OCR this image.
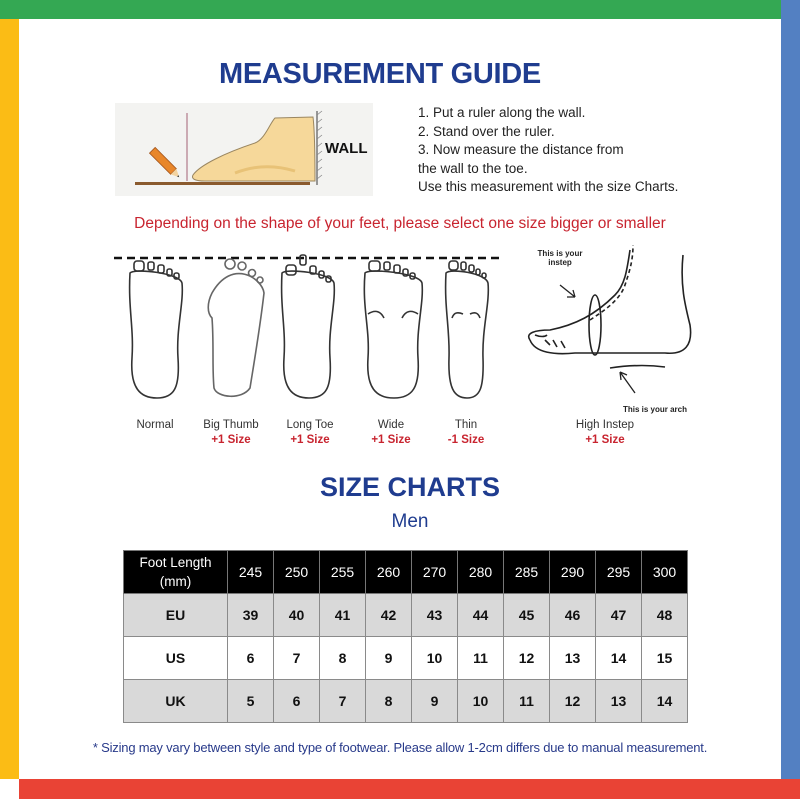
MEASUREMENT GUIDE
WALL
1. Put a ruler along the wall.
2. Stand over the ruler.
3. Now measure the distance from
the wall to the toe.
Use this measurement with the size Charts.
Depending on the shape of your feet, please select one size bigger or smaller
Normal	Big Thumb
+1 Size
Long Toe
+1 Size
Wide
+1 Size
Thin
-1 Size
This is your
instep
This is your arch
High Instep
+1 Size
SIZE CHARTS
Men
Foot Length
(mm)	245	250	255	260	270	280	285	290	295	300
EU	39	40	41	42	43	44	45	46	47	48
US	6	7	8	9	10	11	12	13	14	15
UK	5	6	7	8	9	10	11	12	13	14
* Sizing may vary between style and type of footwear. Please allow 1-2cm differs due to manual measurement.
